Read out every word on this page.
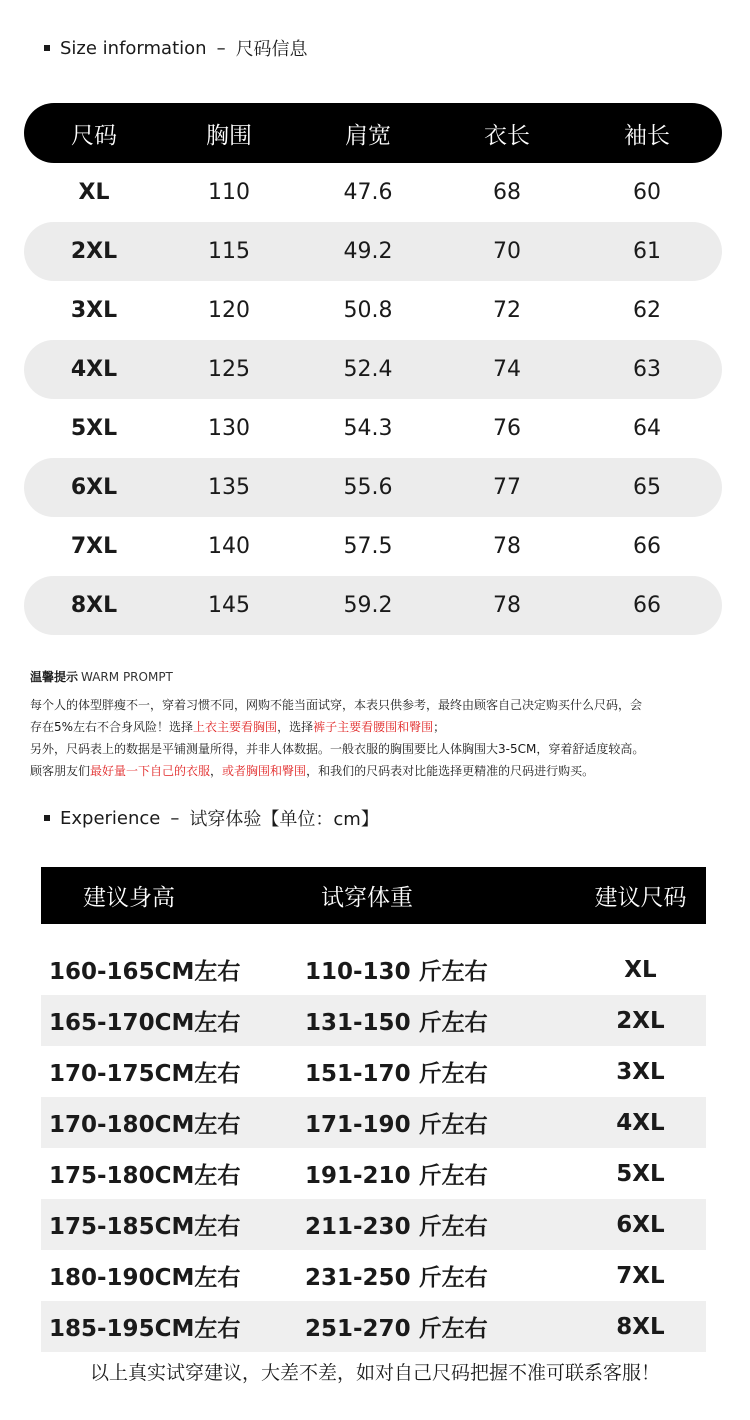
Size information – 尺码信息
尺码	胸围	肩宽	衣长	袖长
XL	110	47.6	68	60
2XL	115	49.2	70	61
3XL	120	50.8	72	62
4XL	125	52.4	74	63
5XL	130	54.3	76	64
6XL	135	55.6	77	65
7XL	140	57.5	78	66
8XL	145	59.2	78	66
温馨提示 WARM PROMPT

每个人的体型胖瘦不一，穿着习惯不同，网购不能当面试穿，本表只供参考，最终由顾客自己决定购买什么尺码，会

存在5%左右不合身风险！选择上衣主要看胸围，选择裤子主要看腰围和臀围；

另外，尺码表上的数据是平铺测量所得，并非人体数据。一般衣服的胸围要比人体胸围大3-5CM，穿着舒适度较高。

顾客朋友们最好量一下自己的衣服，或者胸围和臀围，和我们的尺码表对比能选择更精准的尺码进行购买。

Experience – 试穿体验【单位：cm】
建议身高	试穿体重	建议尺码
160-165CM左右	110-130 斤左右	XL
165-170CM左右	131-150 斤左右	2XL
170-175CM左右	151-170 斤左右	3XL
170-180CM左右	171-190 斤左右	4XL
175-180CM左右	191-210 斤左右	5XL
175-185CM左右	211-230 斤左右	6XL
180-190CM左右	231-250 斤左右	7XL
185-195CM左右	251-270 斤左右	8XL
以上真实试穿建议，大差不差，如对自己尺码把握不准可联系客服！
